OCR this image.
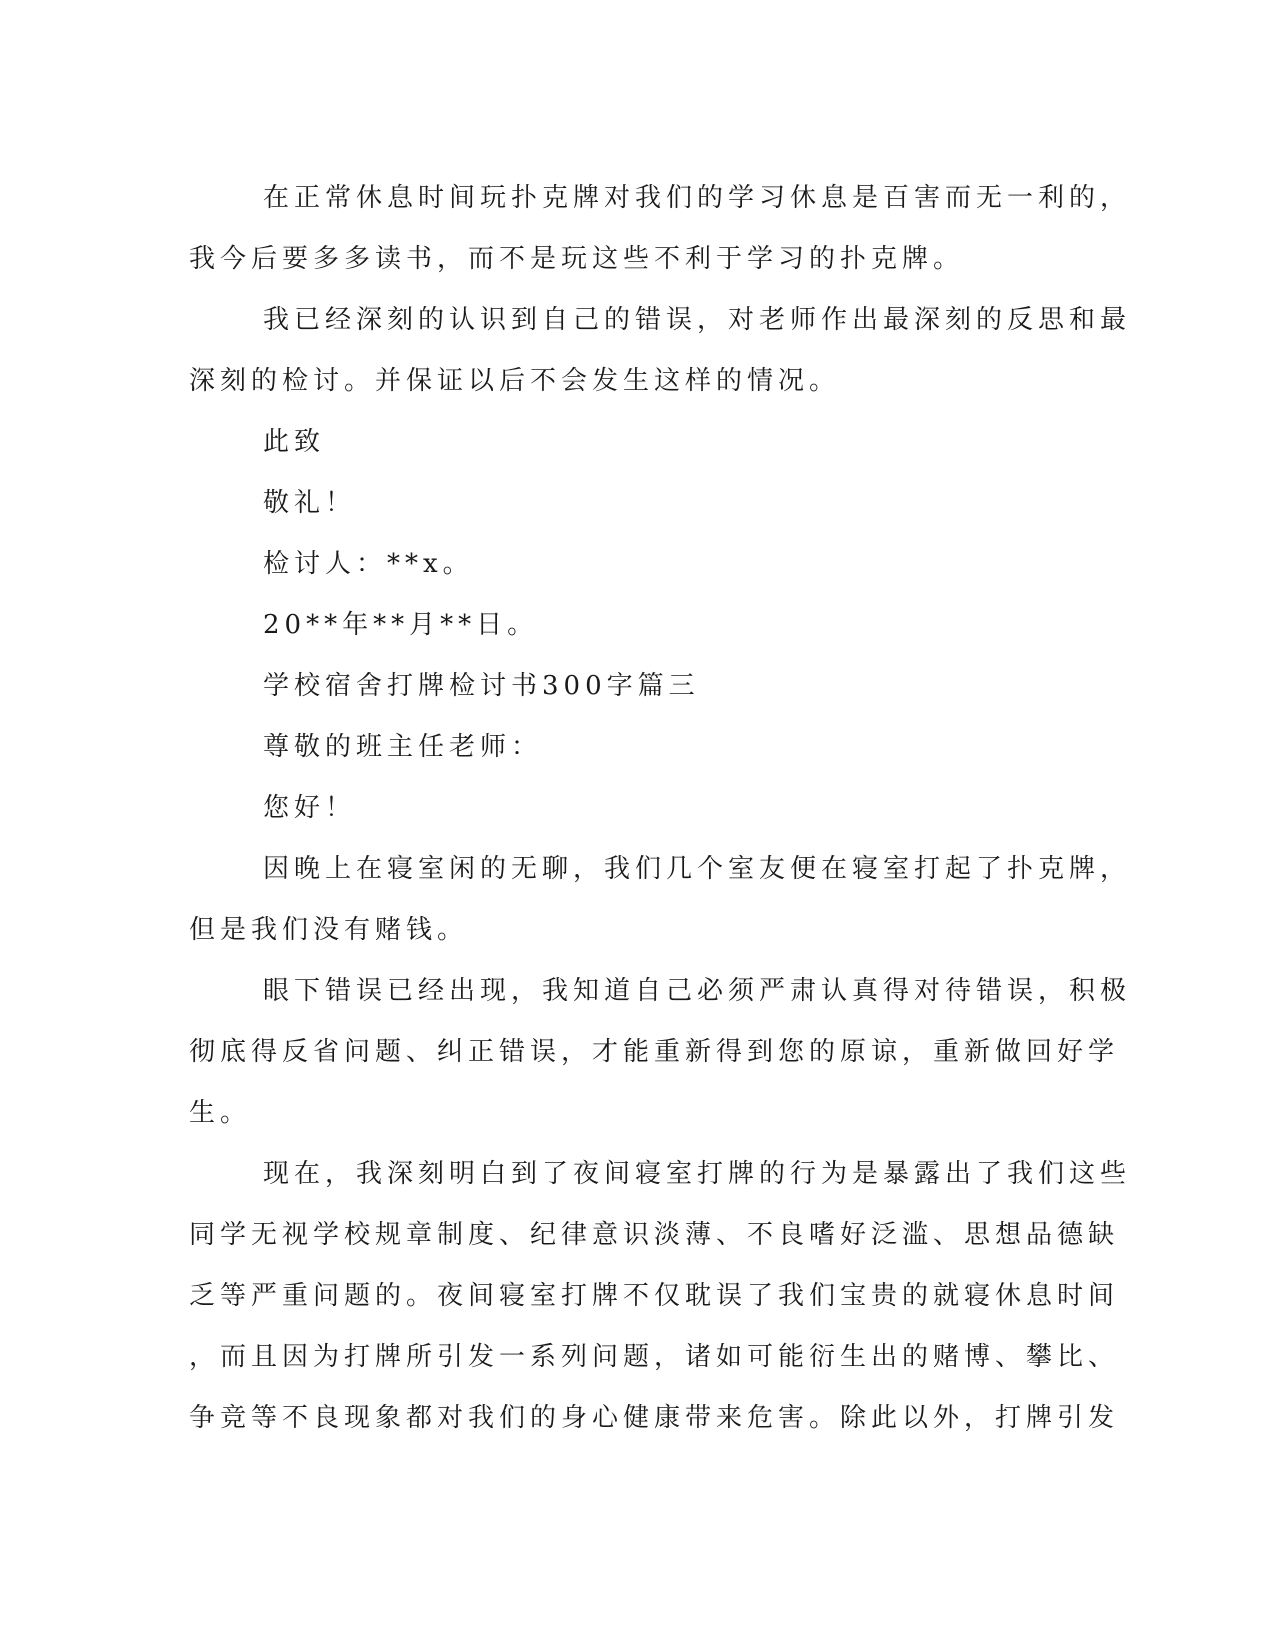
在正常休息时间玩扑克牌对我们的学习休息是百害而无一利的，
我今后要多多读书，而不是玩这些不利于学习的扑克牌。
我已经深刻的认识到自己的错误，对老师作出最深刻的反思和最
深刻的检讨。并保证以后不会发生这样的情况。
此致
敬礼！
检讨人：**x。
20**年**月**日。
学校宿舍打牌检讨书300字篇三
尊敬的班主任老师：
您好！
因晚上在寝室闲的无聊，我们几个室友便在寝室打起了扑克牌，
但是我们没有赌钱。
眼下错误已经出现，我知道自己必须严肃认真得对待错误，积极
彻底得反省问题、纠正错误，才能重新得到您的原谅，重新做回好学
生。
现在，我深刻明白到了夜间寝室打牌的行为是暴露出了我们这些
同学无视学校规章制度、纪律意识淡薄、不良嗜好泛滥、思想品德缺
乏等严重问题的。夜间寝室打牌不仅耽误了我们宝贵的就寝休息时间
，而且因为打牌所引发一系列问题，诸如可能衍生出的赌博、攀比、
争竞等不良现象都对我们的身心健康带来危害。除此以外，打牌引发
